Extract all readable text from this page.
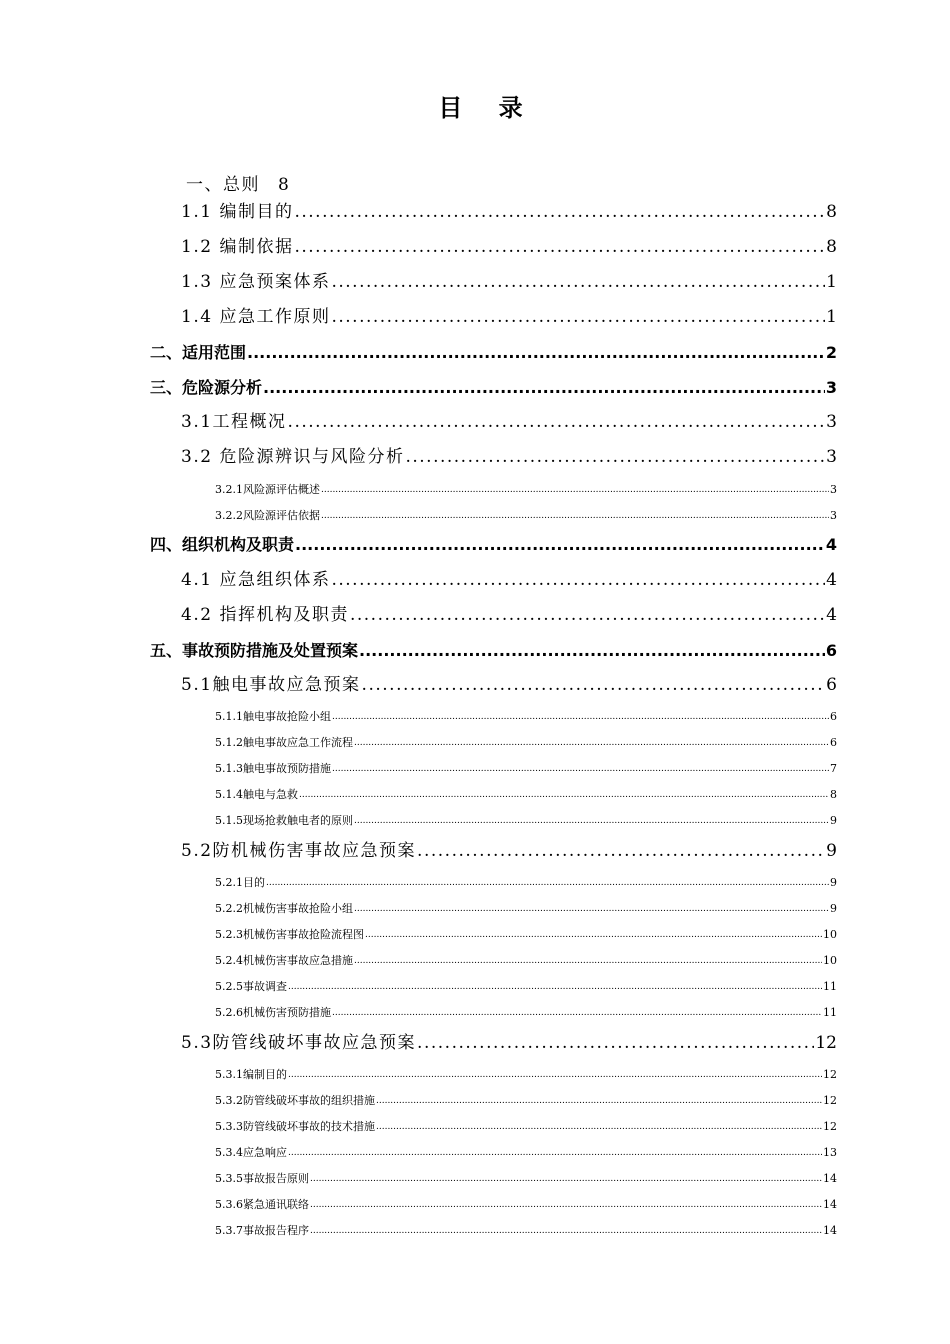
目 录
一、总则 8
1.1 编制目的 .....	8
1.2 编制依据 .....	8
1.3 应急预案体系 .....	1
1.4 应急工作原则 .....	1
二、适用范围 .....	2
三、危险源分析 .....	3
3.1工程概况 .....	3
3.2 危险源辨识与风险分析 .....	3
3.2.1风险源评估概述 .....	3
3.2.2风险源评估依据 .....	3
四、组织机构及职责 .....	4
4.1 应急组织体系 .....	4
4.2 指挥机构及职责 .....	4
五、事故预防措施及处置预案 .....	6
5.1触电事故应急预案 .....	6
5.1.1触电事故抢险小组 .....	6
5.1.2触电事故应急工作流程 .....	6
5.1.3触电事故预防措施 .....	7
5.1.4触电与急救 .....	8
5.1.5现场抢救触电者的原则 .....	9
5.2防机械伤害事故应急预案 .....	9
5.2.1目的 .....	9
5.2.2机械伤害事故抢险小组 .....	9
5.2.3机械伤害事故抢险流程图 .....	10
5.2.4机械伤害事故应急措施 .....	10
5.2.5事故调查 .....	11
5.2.6机械伤害预防措施 .....	11
5.3防管线破坏事故应急预案 .....	12
5.3.1编制目的 .....	12
5.3.2防管线破坏事故的组织措施 .....	12
5.3.3防管线破坏事故的技术措施 .....	12
5.3.4应急响应 .....	13
5.3.5事故报告原则 .....	14
5.3.6紧急通讯联络 .....	14
5.3.7事故报告程序 .....	14
